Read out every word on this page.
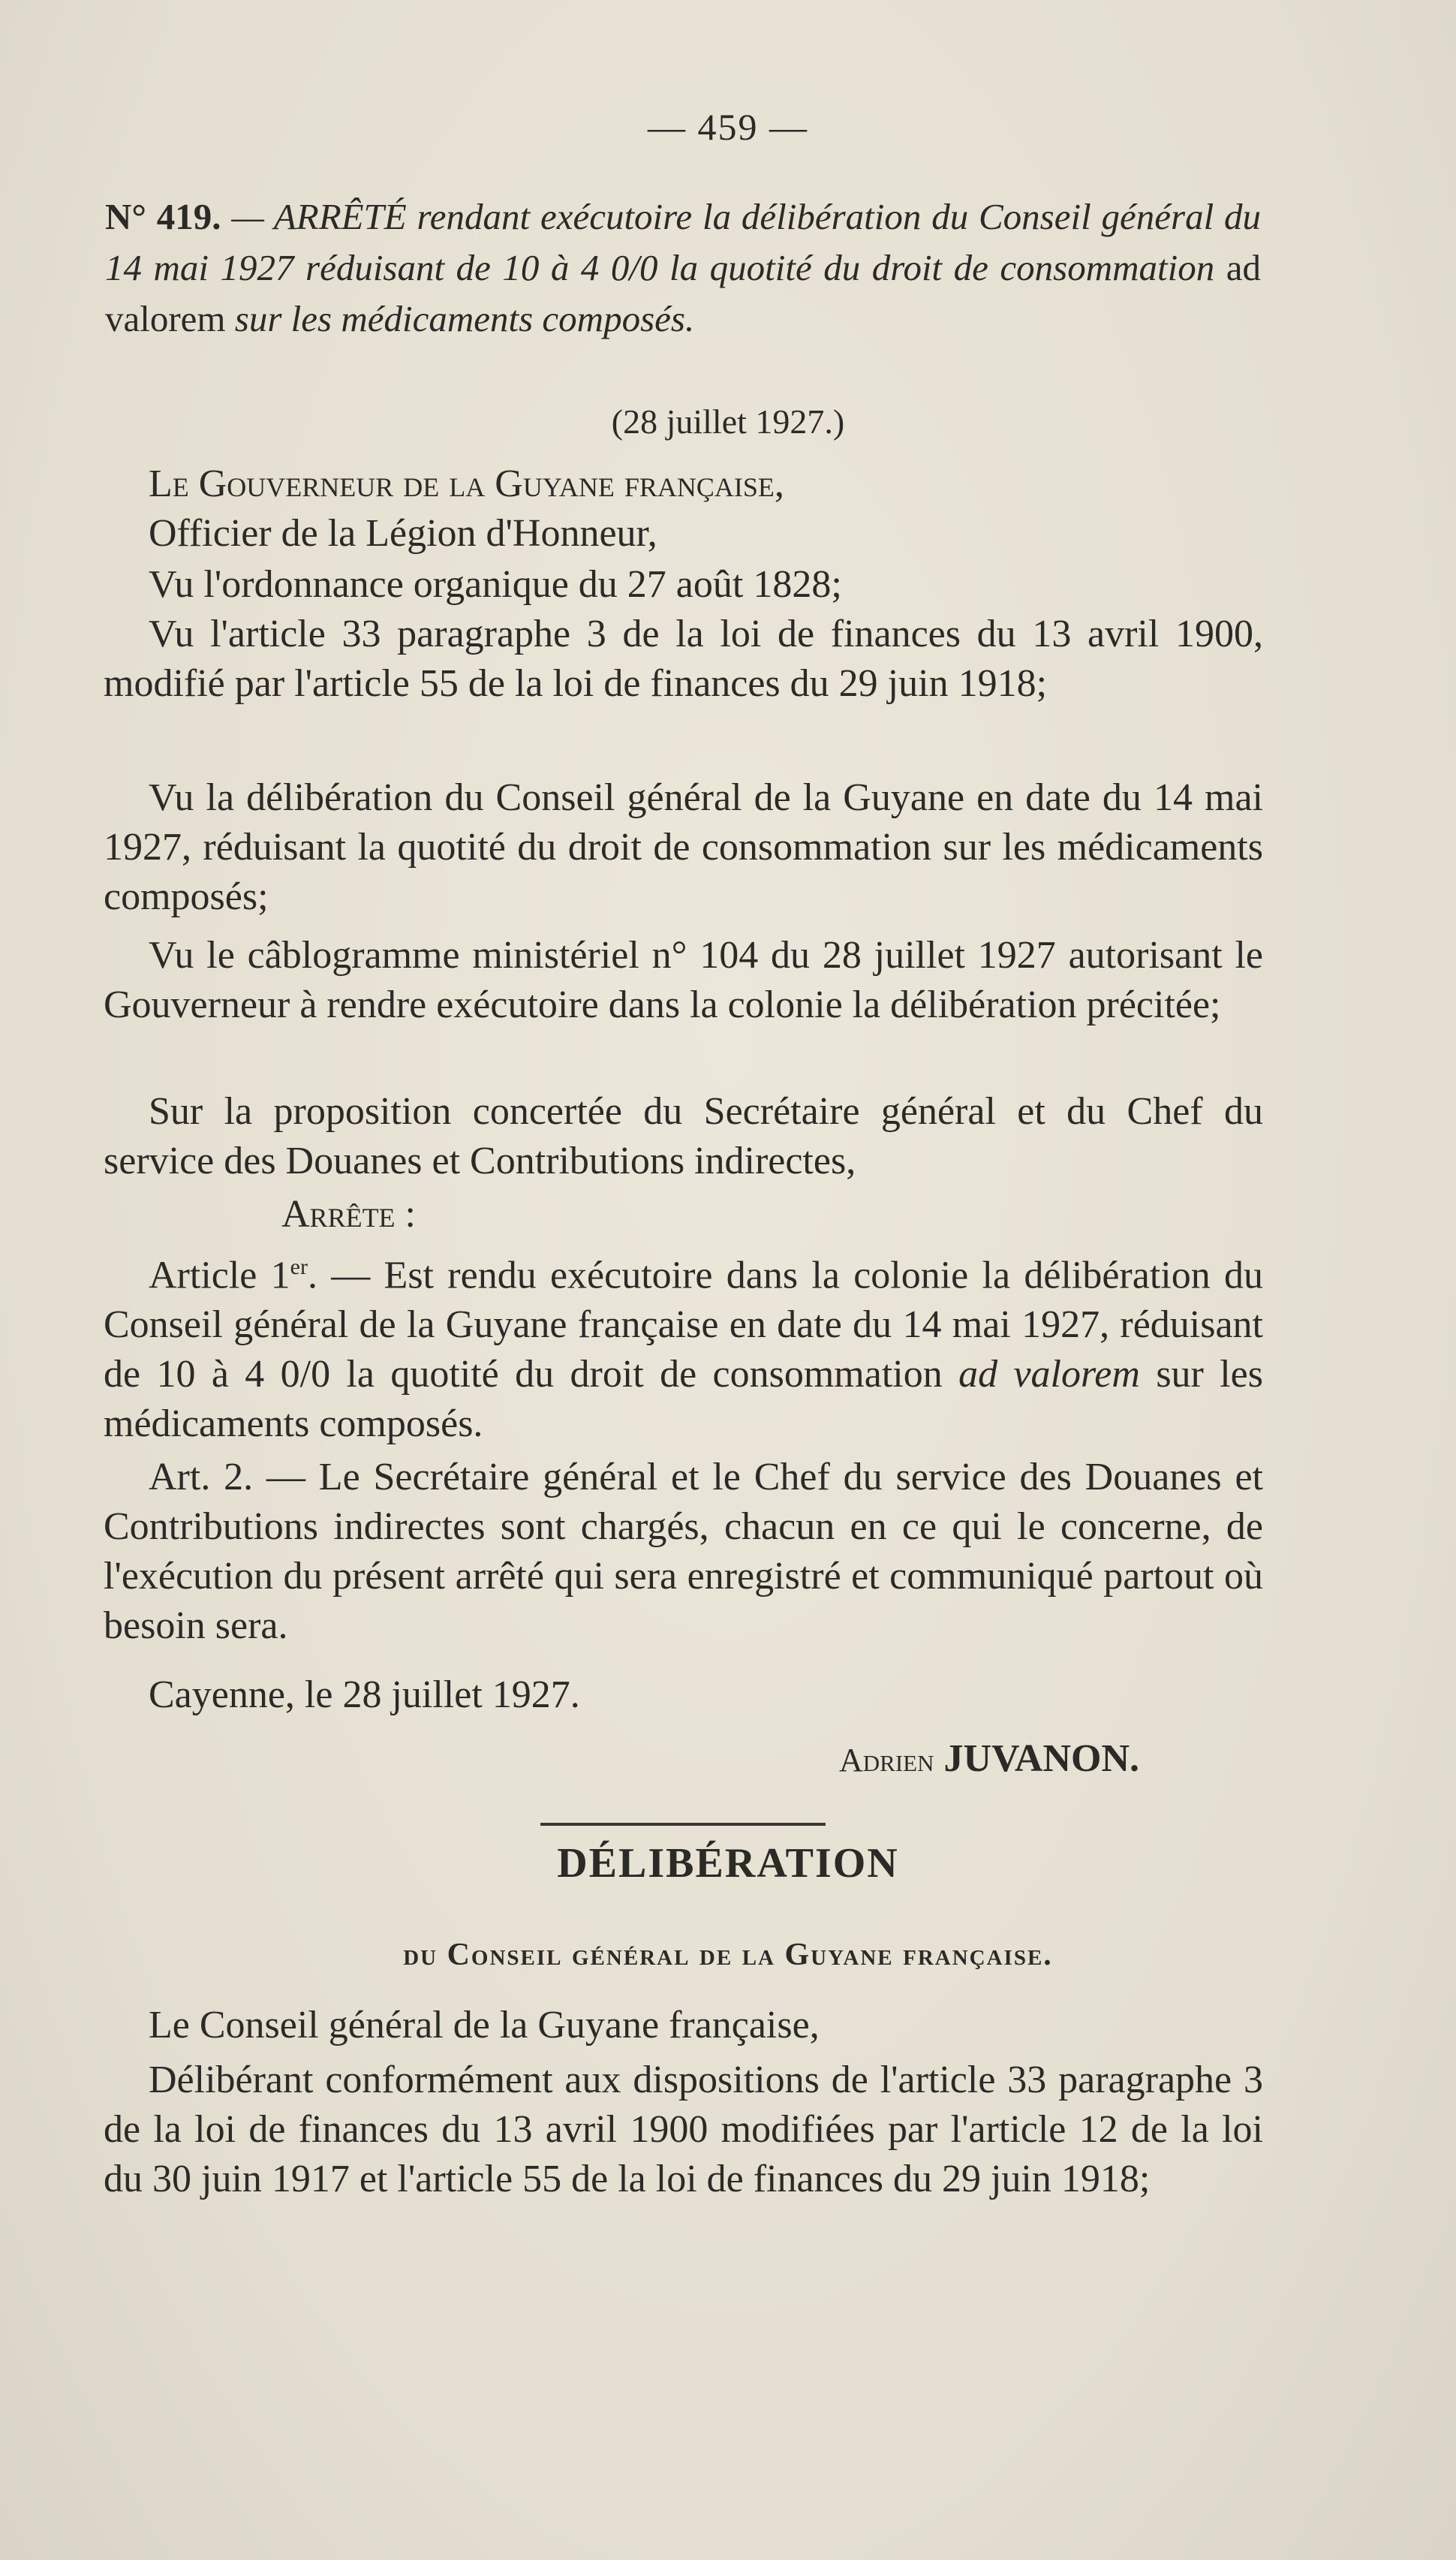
— 459 —
N° 419. — ARRÊTÉ rendant exécutoire la délibération du Conseil général du 14 mai 1927 réduisant de 10 à 4 0/0 la quotité du droit de consommation ad valorem sur les médicaments composés.
(28 juillet 1927.)
Le Gouverneur de la Guyane française,
Officier de la Légion d'Honneur,
Vu l'ordonnance organique du 27 août 1828;
Vu l'article 33 paragraphe 3 de la loi de finances du 13 avril 1900, modifié par l'article 55 de la loi de finances du 29 juin 1918;
Vu la délibération du Conseil général de la Guyane en date du 14 mai 1927, réduisant la quotité du droit de consommation sur les médicaments composés;
Vu le câblogramme ministériel n° 104 du 28 juillet 1927 autorisant le Gouverneur à rendre exécutoire dans la colonie la délibération précitée;
Sur la proposition concertée du Secrétaire général et du Chef du service des Douanes et Contributions indirectes,
Arrête :
Article 1er. — Est rendu exécutoire dans la colonie la délibération du Conseil général de la Guyane française en date du 14 mai 1927, réduisant de 10 à 4 0/0 la quotité du droit de consommation ad valorem sur les médicaments composés.
Art. 2. — Le Secrétaire général et le Chef du service des Douanes et Contributions indirectes sont chargés, chacun en ce qui le concerne, de l'exécution du présent arrêté qui sera enregistré et communiqué partout où besoin sera.
Cayenne, le 28 juillet 1927.
Adrien JUVANON.
DÉLIBÉRATION
du Conseil général de la Guyane française.
Le Conseil général de la Guyane française,
Délibérant conformément aux dispositions de l'article 33 paragraphe 3 de la loi de finances du 13 avril 1900 modifiées par l'article 12 de la loi du 30 juin 1917 et l'article 55 de la loi de finances du 29 juin 1918;
